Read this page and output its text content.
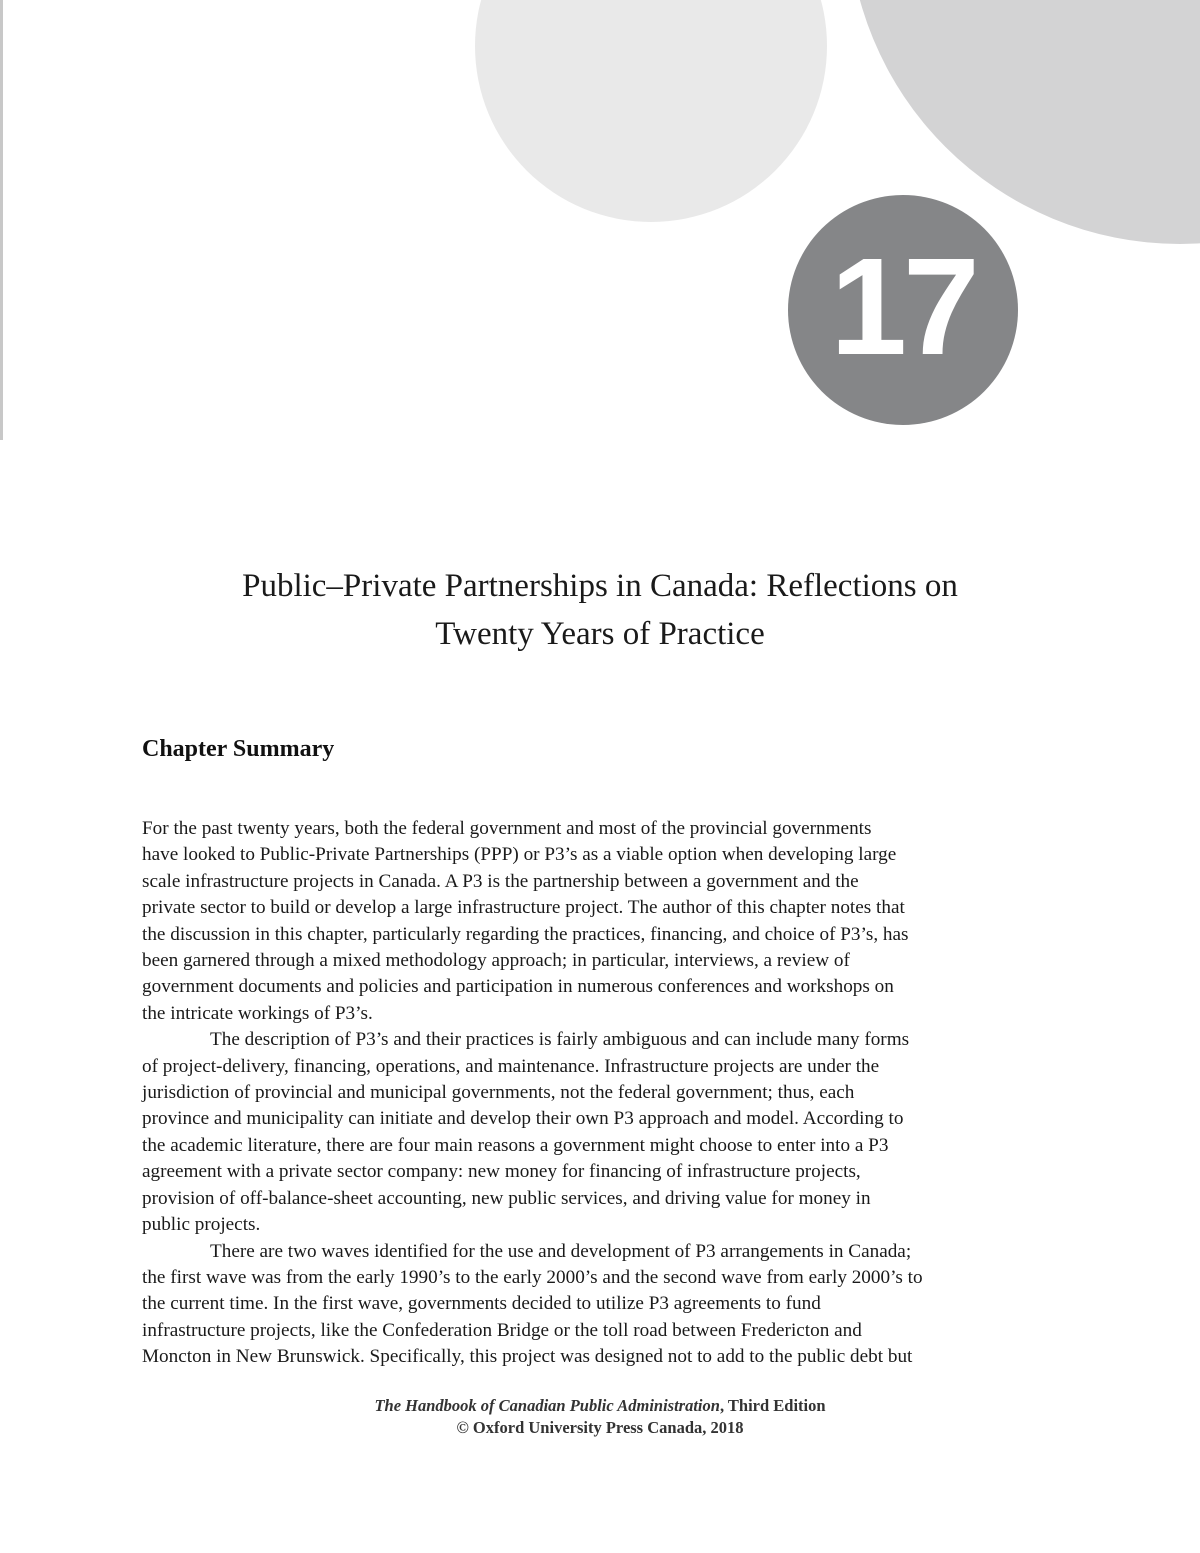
17
Public–Private Partnerships in Canada: Reflections on
Twenty Years of Practice
Chapter Summary
For the past twenty years, both the federal government and most of the provincial governments
have looked to Public-Private Partnerships (PPP) or P3’s as a viable option when developing large
scale infrastructure projects in Canada. A P3 is the partnership between a government and the
private sector to build or develop a large infrastructure project. The author of this chapter notes that
the discussion in this chapter, particularly regarding the practices, financing, and choice of P3’s, has
been garnered through a mixed methodology approach; in particular, interviews, a review of
government documents and policies and participation in numerous conferences and workshops on
the intricate workings of P3’s.
The description of P3’s and their practices is fairly ambiguous and can include many forms
of project-delivery, financing, operations, and maintenance. Infrastructure projects are under the
jurisdiction of provincial and municipal governments, not the federal government; thus, each
province and municipality can initiate and develop their own P3 approach and model. According to
the academic literature, there are four main reasons a government might choose to enter into a P3
agreement with a private sector company: new money for financing of infrastructure projects,
provision of off-balance-sheet accounting, new public services, and driving value for money in
public projects.
There are two waves identified for the use and development of P3 arrangements in Canada;
the first wave was from the early 1990’s to the early 2000’s and the second wave from early 2000’s to
the current time. In the first wave, governments decided to utilize P3 agreements to fund
infrastructure projects, like the Confederation Bridge or the toll road between Fredericton and
Moncton in New Brunswick. Specifically, this project was designed not to add to the public debt but
The Handbook of Canadian Public Administration, Third Edition
© Oxford University Press Canada, 2018
